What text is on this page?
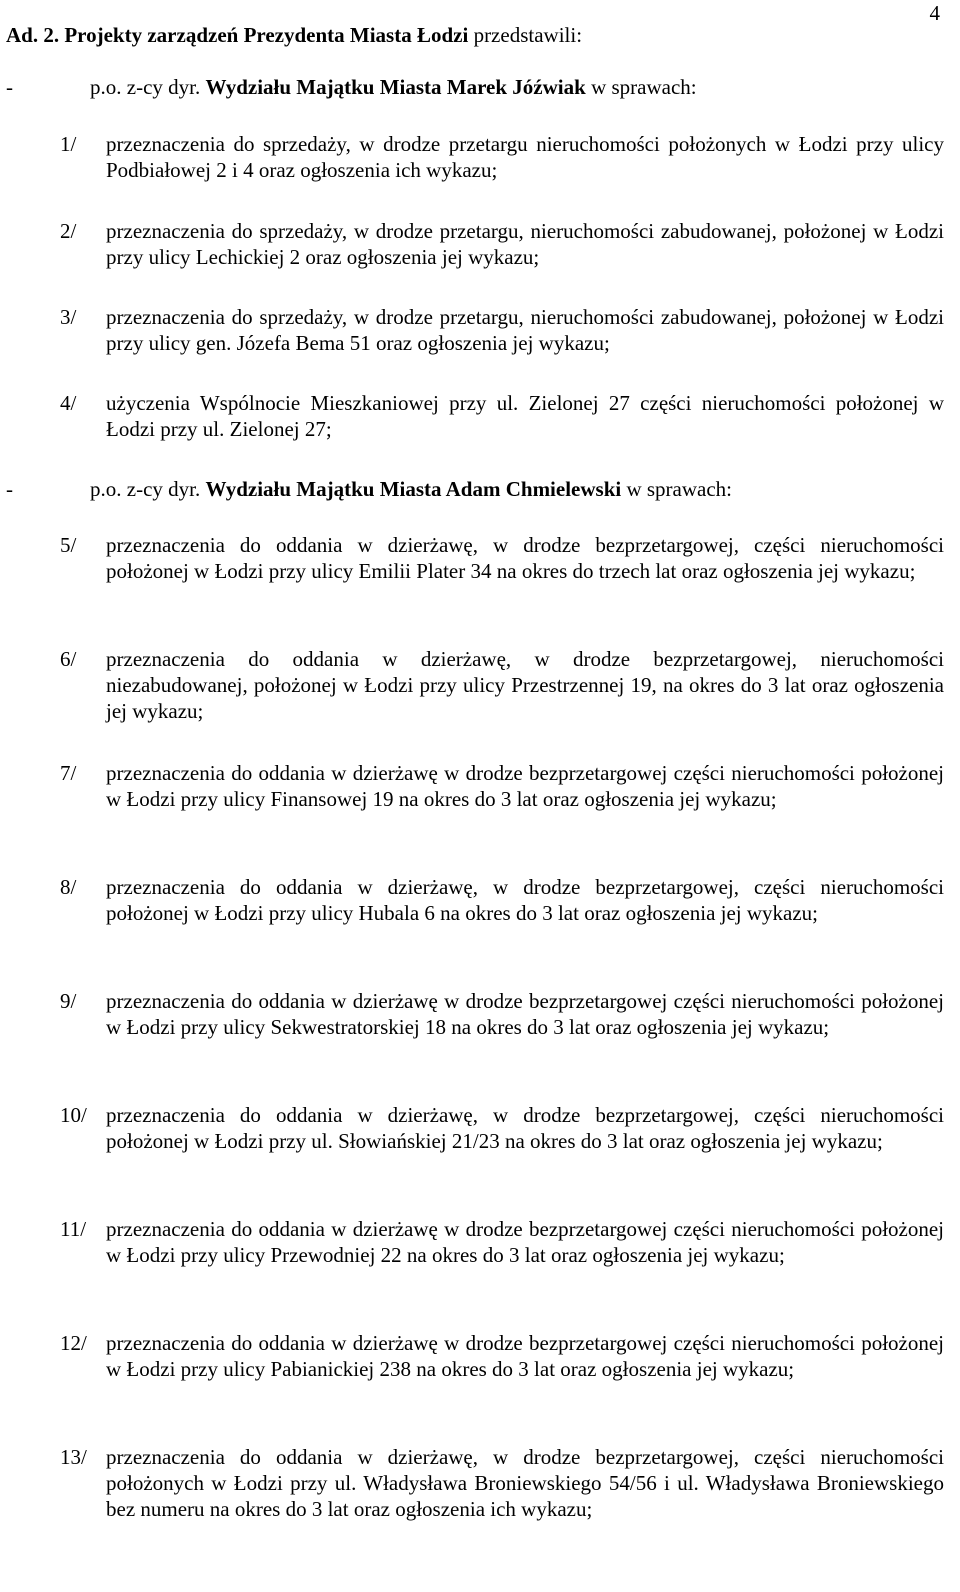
4
Ad. 2. Projekty zarządzeń Prezydenta Miasta Łodzi przedstawili:
-	p.o. z-cy dyr. Wydziału Majątku Miasta Marek Jóźwiak w sprawach:
1/	przeznaczenia do sprzedaży, w drodze przetargu nieruchomości położonych w Łodzi przy ulicy Podbiałowej 2 i 4 oraz ogłoszenia ich wykazu;
2/	przeznaczenia do sprzedaży, w drodze przetargu, nieruchomości zabudowanej, położonej w Łodzi przy ulicy Lechickiej 2 oraz ogłoszenia jej wykazu;
3/	przeznaczenia do sprzedaży, w drodze przetargu, nieruchomości zabudowanej, położonej w Łodzi przy ulicy gen. Józefa Bema 51 oraz ogłoszenia jej wykazu;
4/	użyczenia Wspólnocie Mieszkaniowej przy ul. Zielonej 27 części nieruchomości położonej w Łodzi przy ul. Zielonej 27;
-	p.o. z-cy dyr. Wydziału Majątku Miasta Adam Chmielewski w sprawach:
5/	przeznaczenia do oddania w dzierżawę, w drodze bezprzetargowej, części nieruchomości położonej w Łodzi przy ulicy Emilii Plater 34 na okres do trzech lat oraz ogłoszenia jej wykazu;
6/	przeznaczenia do oddania w dzierżawę, w drodze bezprzetargowej, nieruchomości niezabudowanej, położonej w Łodzi przy ulicy Przestrzennej 19, na okres do 3 lat oraz ogłoszenia jej wykazu;
7/	przeznaczenia do oddania w dzierżawę w drodze bezprzetargowej części nieruchomości położonej w Łodzi przy ulicy Finansowej 19 na okres do 3 lat oraz ogłoszenia jej wykazu;
8/	przeznaczenia do oddania w dzierżawę, w drodze bezprzetargowej, części nieruchomości położonej w Łodzi przy ulicy Hubala 6 na okres do 3 lat oraz ogłoszenia jej wykazu;
9/	przeznaczenia do oddania w dzierżawę w drodze bezprzetargowej części nieruchomości położonej w Łodzi przy ulicy Sekwestratorskiej 18 na okres do 3 lat oraz ogłoszenia jej wykazu;
10/ przeznaczenia do oddania w dzierżawę, w drodze bezprzetargowej, części nieruchomości położonej w Łodzi przy ul. Słowiańskiej 21/23 na okres do 3 lat oraz ogłoszenia jej wykazu;
11/ przeznaczenia do oddania w dzierżawę w drodze bezprzetargowej części nieruchomości położonej w Łodzi przy ulicy Przewodniej 22 na okres do 3 lat oraz ogłoszenia jej wykazu;
12/ przeznaczenia do oddania w dzierżawę w drodze bezprzetargowej części nieruchomości położonej w Łodzi przy ulicy Pabianickiej 238 na okres do 3 lat oraz ogłoszenia jej wykazu;
13/ przeznaczenia do oddania w dzierżawę, w drodze bezprzetargowej, części nieruchomości położonych w Łodzi przy ul. Władysława Broniewskiego 54/56 i ul. Władysława Broniewskiego bez numeru na okres do 3 lat oraz ogłoszenia ich wykazu;
